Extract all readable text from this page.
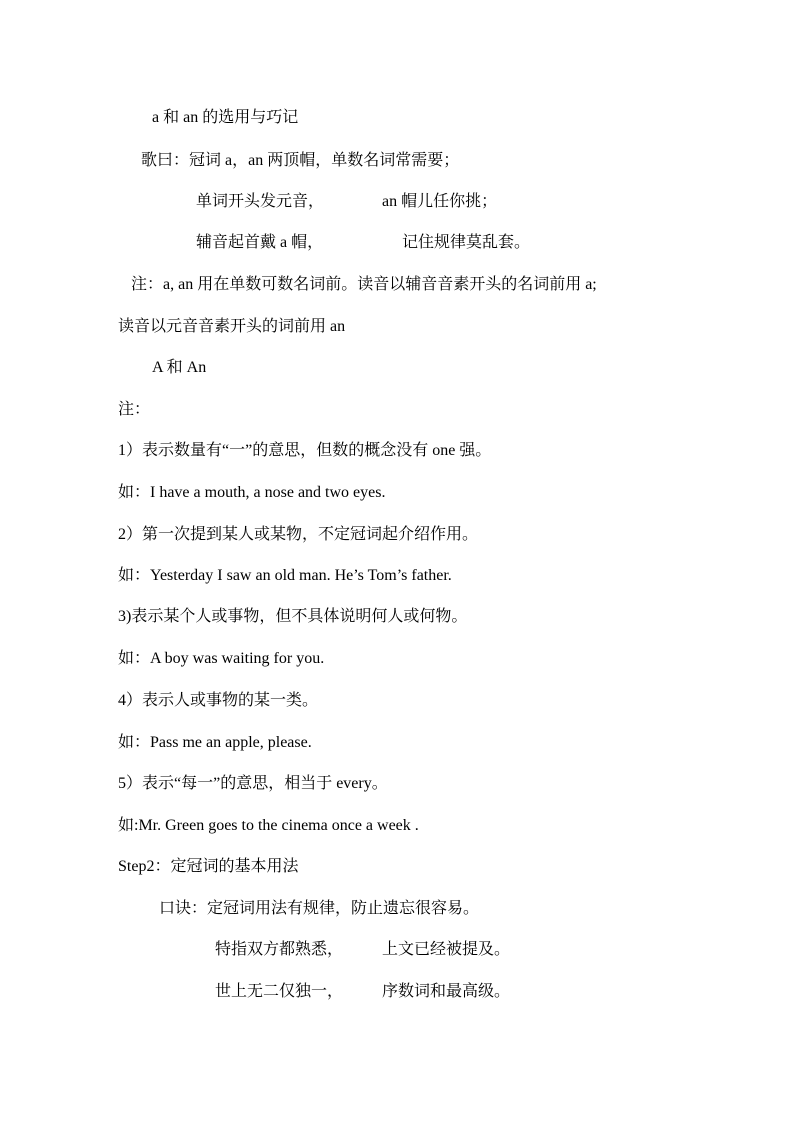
a 和 an 的选用与巧记
歌曰：冠词 a，an 两顶帽，单数名词常需要；
单词开头发元音，	an 帽儿任你挑；
辅音起首戴 a 帽，	记住规律莫乱套。
注：a, an 用在单数可数名词前。读音以辅音音素开头的名词前用 a;
读音以元音音素开头的词前用 an
A 和 An
注：
1）表示数量有“一”的意思，但数的概念没有 one 强。
如：I have a mouth, a nose and two eyes.
2）第一次提到某人或某物，不定冠词起介绍作用。
如：Yesterday I saw an old man. He’s Tom’s father.
3)表示某个人或事物，但不具体说明何人或何物。
如：A boy was waiting for you.
4）表示人或事物的某一类。
如：Pass me an apple, please.
5）表示“每一”的意思，相当于 every。
如:Mr. Green goes to the cinema once a week .
Step2：定冠词的基本用法
口诀：定冠词用法有规律，防止遗忘很容易。
特指双方都熟悉， 上文已经被提及。
世上无二仅独一， 序数词和最高级。
